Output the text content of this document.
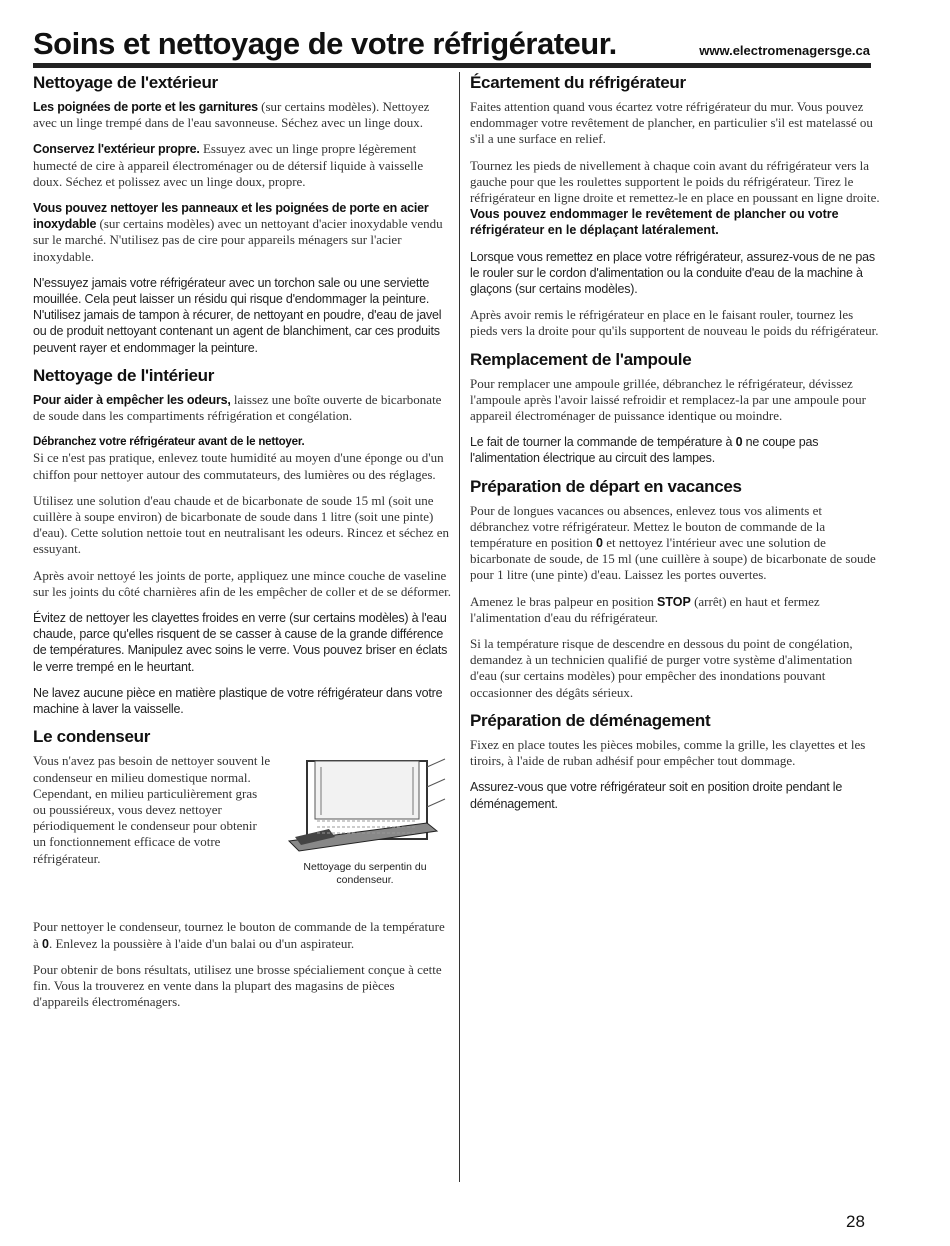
Soins et nettoyage de votre réfrigérateur.	www.electromenagersge.ca
Nettoyage de l'extérieur

Les poignées de porte et les garnitures (sur certains modèles). Nettoyez avec un linge trempé dans de l'eau savonneuse. Séchez avec un linge doux.

Conservez l'extérieur propre. Essuyez avec un linge propre légèrement humecté de cire à appareil électroménager ou de détersif liquide à vaisselle doux. Séchez et polissez avec un linge doux, propre.

Vous pouvez nettoyer les panneaux et les poignées de porte en acier inoxydable (sur certains modèles) avec un nettoyant d'acier inoxydable vendu sur le marché. N'utilisez pas de cire pour appareils ménagers sur l'acier inoxydable.

N'essuyez jamais votre réfrigérateur avec un torchon sale ou une serviette mouillée. Cela peut laisser un résidu qui risque d'endommager la peinture. N'utilisez jamais de tampon à récurer, de nettoyant en poudre, d'eau de javel ou de produit nettoyant contenant un agent de blanchiment, car ces produits peuvent rayer et endommager la peinture.

Nettoyage de l'intérieur

Pour aider à empêcher les odeurs, laissez une boîte ouverte de bicarbonate de soude dans les compartiments réfrigération et congélation.

Débranchez votre réfrigérateur avant de le nettoyer.
Si ce n'est pas pratique, enlevez toute humidité au moyen d'une éponge ou d'un chiffon pour nettoyer autour des commutateurs, des lumières ou des réglages.

Utilisez une solution d'eau chaude et de bicarbonate de soude 15 ml (soit une cuillère à soupe environ) de bicarbonate de soude dans 1 litre (soit une pinte) d'eau). Cette solution nettoie tout en neutralisant les odeurs. Rincez et séchez en essuyant.

Après avoir nettoyé les joints de porte, appliquez une mince couche de vaseline sur les joints du côté charnières afin de les empêcher de coller et de se déformer.

Évitez de nettoyer les clayettes froides en verre (sur certains modèles) à l'eau chaude, parce qu'elles risquent de se casser à cause de la grande différence de températures. Manipulez avec soins le verre. Vous pouvez briser en éclats le verre trempé en le heurtant.

Ne lavez aucune pièce en matière plastique de votre réfrigérateur dans votre machine à laver la vaisselle.

Le condenseur

Vous n'avez pas besoin de nettoyer souvent le condenseur en milieu domestique normal. Cependant, en milieu particulièrement gras ou poussiéreux, vous devez nettoyer périodiquement le condenseur pour obtenir un fonctionnement efficace de votre réfrigérateur.

Nettoyage du serpentin du condenseur.

Pour nettoyer le condenseur, tournez le bouton de commande de la température à 0. Enlevez la poussière à l'aide d'un balai ou d'un aspirateur.

Pour obtenir de bons résultats, utilisez une brosse spécialiement conçue à cette fin. Vous la trouverez en vente dans la plupart des magasins de pièces d'appareils électroménagers.

Écartement du réfrigérateur

Faites attention quand vous écartez votre réfrigérateur du mur. Vous pouvez endommager votre revêtement de plancher, en particulier s'il est matelassé ou s'il a une surface en relief.

Tournez les pieds de nivellement à chaque coin avant du réfrigérateur vers la gauche pour que les roulettes supportent le poids du réfrigérateur. Tirez le réfrigérateur en ligne droite et remettez-le en place en poussant en ligne droite. Vous pouvez endommager le revêtement de plancher ou votre réfrigérateur en le déplaçant latéralement.

Lorsque vous remettez en place votre réfrigérateur, assurez-vous de ne pas le rouler sur le cordon d'alimentation ou la conduite d'eau de la machine à glaçons (sur certains modèles).

Après avoir remis le réfrigérateur en place en le faisant rouler, tournez les pieds vers la droite pour qu'ils supportent de nouveau le poids du réfrigérateur.

Remplacement de l'ampoule

Pour remplacer une ampoule grillée, débranchez le réfrigérateur, dévissez l'ampoule après l'avoir laissé refroidir et remplacez-la par une ampoule pour appareil électroménager de puissance identique ou moindre.

Le fait de tourner la commande de température à 0 ne coupe pas l'alimentation électrique au circuit des lampes.

Préparation de départ en vacances

Pour de longues vacances ou absences, enlevez tous vos aliments et débranchez votre réfrigérateur. Mettez le bouton de commande de la température en position 0 et nettoyez l'intérieur avec une solution de bicarbonate de soude, de 15 ml (une cuillère à soupe) de bicarbonate de soude pour 1 litre (une pinte) d'eau. Laissez les portes ouvertes.

Amenez le bras palpeur en position STOP (arrêt) en haut et fermez l'alimentation d'eau du réfrigérateur.

Si la température risque de descendre en dessous du point de congélation, demandez à un technicien qualifié de purger votre système d'alimentation d'eau (sur certains modèles) pour empêcher des inondations pouvant occasionner des dégâts sérieux.

Préparation de déménagement

Fixez en place toutes les pièces mobiles, comme la grille, les clayettes et les tiroirs, à l'aide de ruban adhésif pour empêcher tout dommage.

Assurez-vous que votre réfrigérateur soit en position droite pendant le déménagement.

28
